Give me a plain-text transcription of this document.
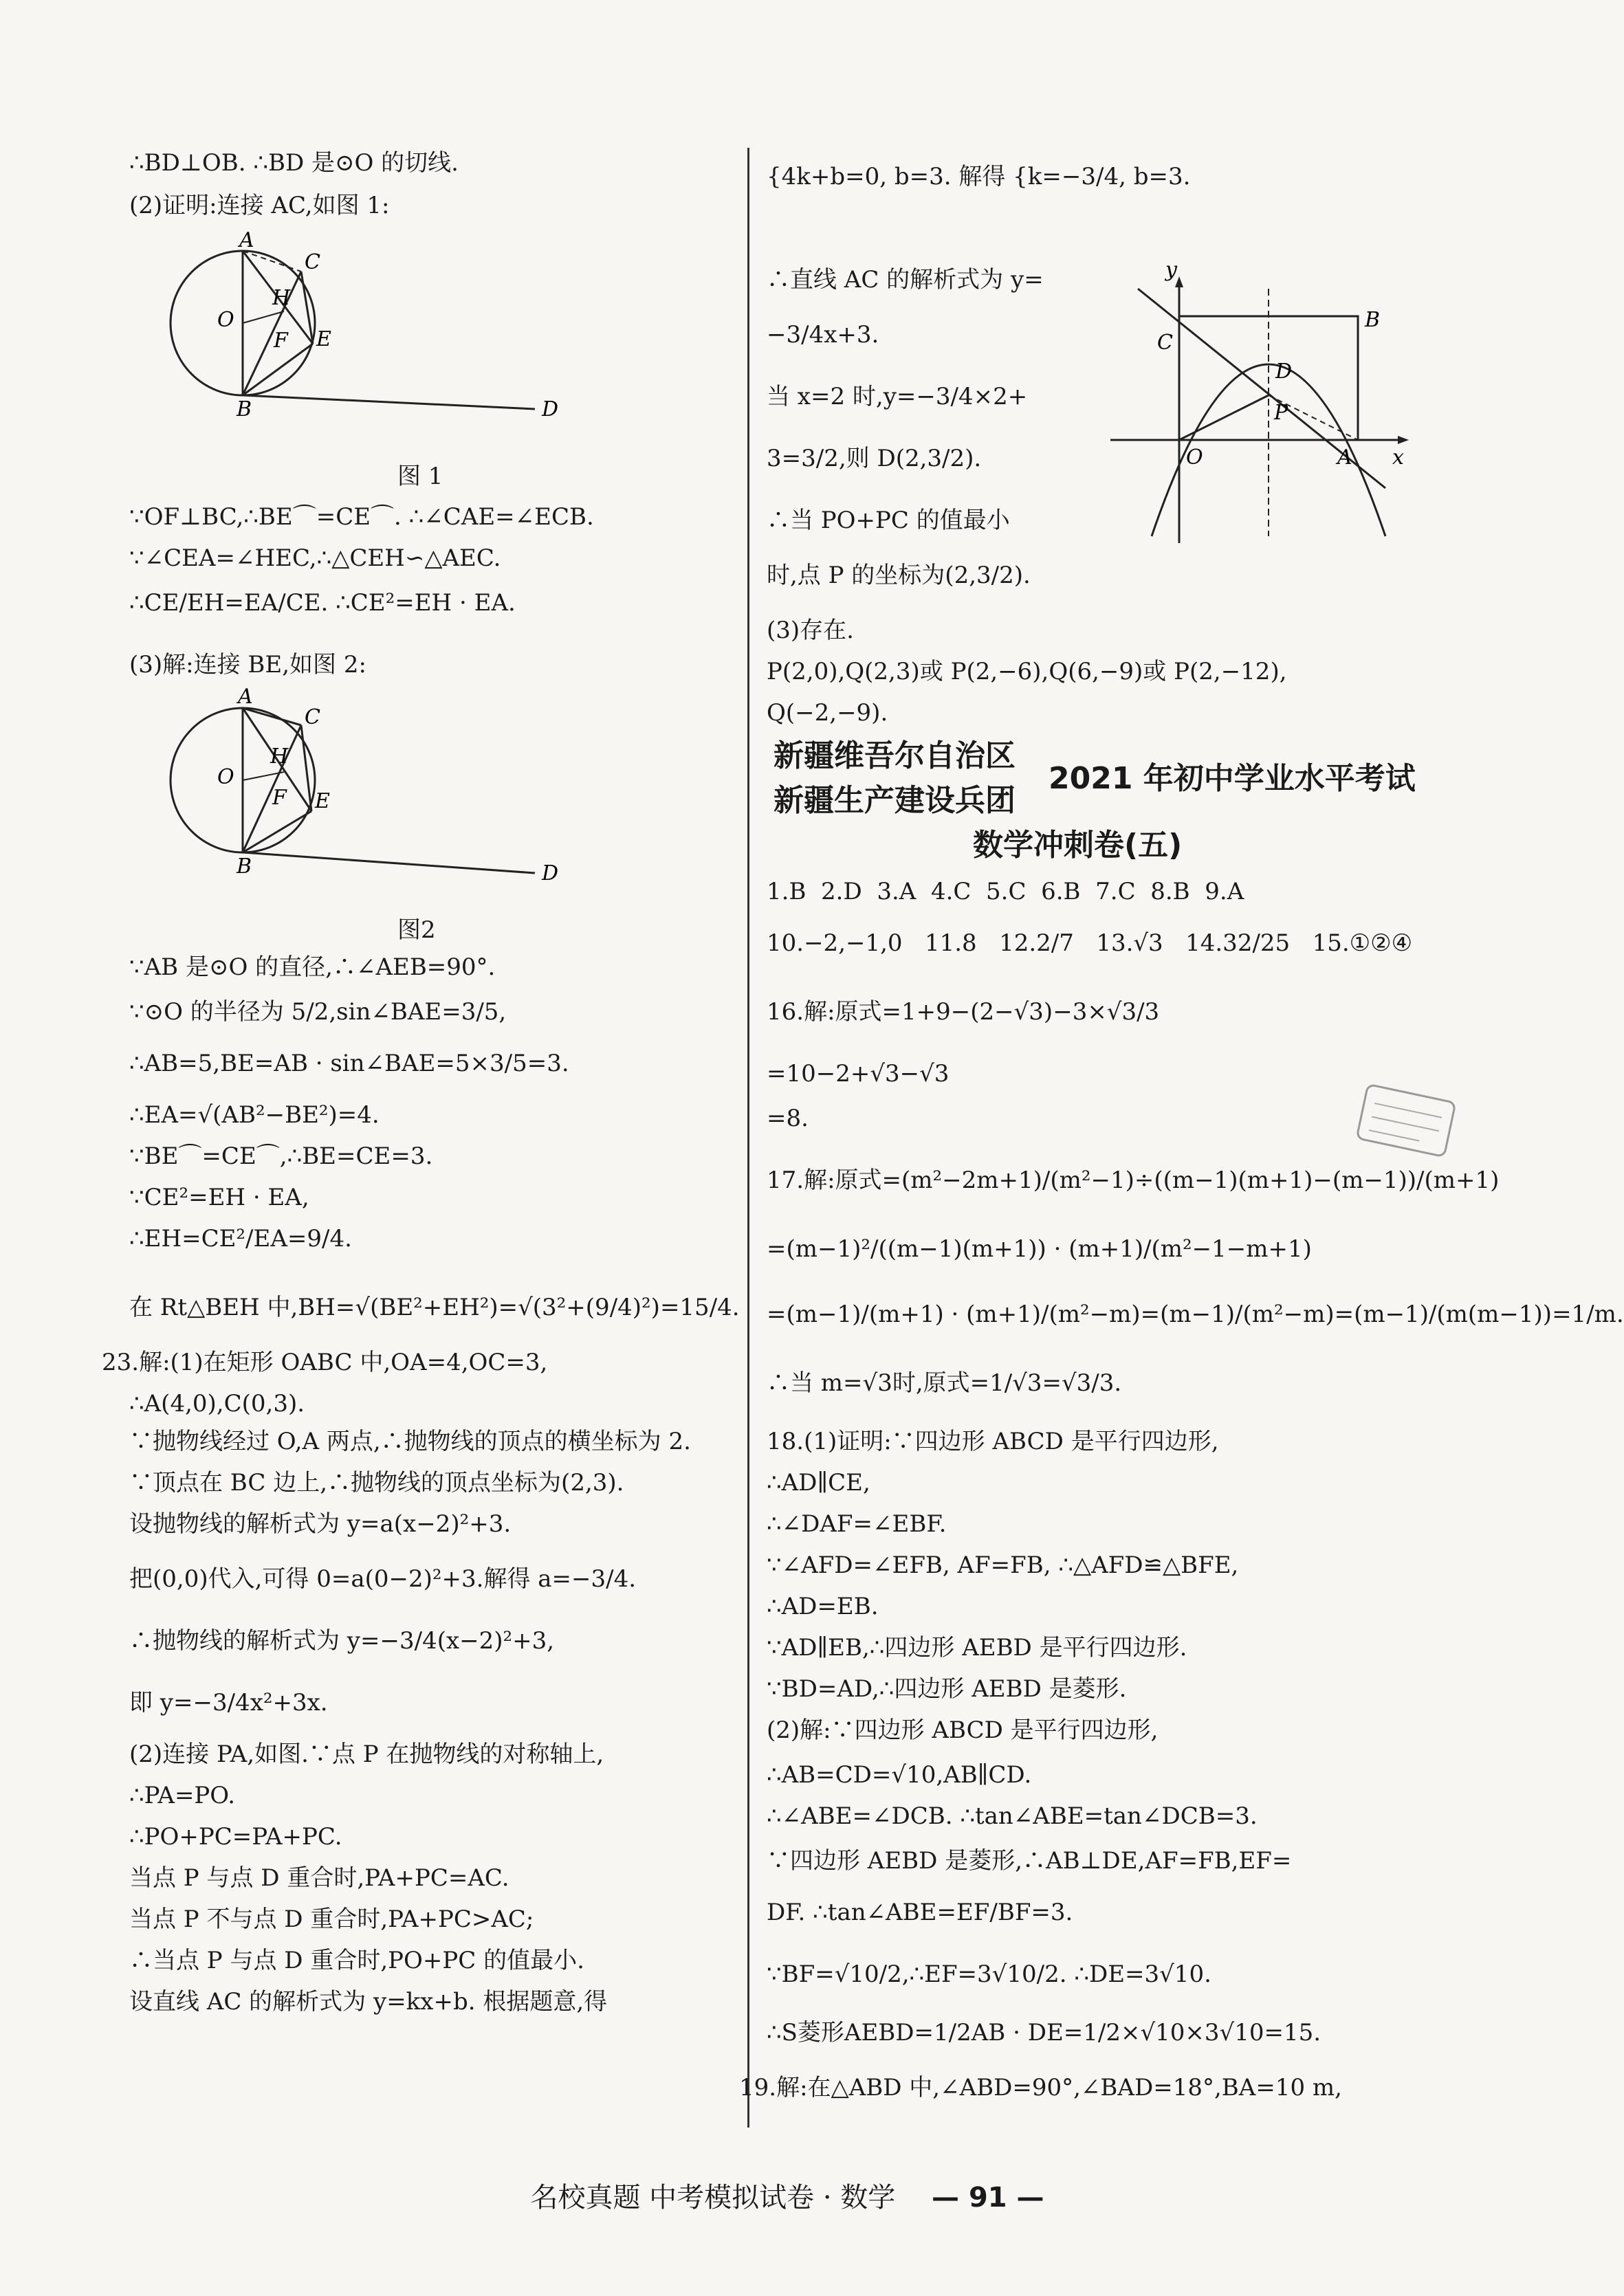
∴BD⊥OB. ∴BD 是⊙O 的切线.
(2)证明:连接 AC,如图 1:
A
C
H
O
E
F
B	D
图 1
∵OF⊥BC,∴BE⌒=CE⌒. ∴∠CAE=∠ECB.
∵∠CEA=∠HEC,∴△CEH∽△AEC.
∴CE/EH=EA/CE. ∴CE²=EH · EA.
(3)解:连接 BE,如图 2:
A
C
H
O
E
F
B	D
图2
∵AB 是⊙O 的直径,∴∠AEB=90°.
∵⊙O 的半径为 5/2,sin∠BAE=3/5,
∴AB=5,BE=AB · sin∠BAE=5×3/5=3.
∴EA=√(AB²−BE²)=4.
∵BE⌒=CE⌒,∴BE=CE=3.
∵CE²=EH · EA,
∴EH=CE²/EA=9/4.
在 Rt△BEH 中,BH=√(BE²+EH²)=√(3²+(9/4)²)=15/4.
23.解:(1)在矩形 OABC 中,OA=4,OC=3,
∴A(4,0),C(0,3).
∵抛物线经过 O,A 两点,∴抛物线的顶点的横坐标为 2.
∵顶点在 BC 边上,∴抛物线的顶点坐标为(2,3).
设抛物线的解析式为 y=a(x−2)²+3.
把(0,0)代入,可得 0=a(0−2)²+3.解得 a=−3/4.
∴抛物线的解析式为 y=−3/4(x−2)²+3,
即 y=−3/4x²+3x.
(2)连接 PA,如图.∵点 P 在抛物线的对称轴上,
∴PA=PO.
∴PO+PC=PA+PC.
当点 P 与点 D 重合时,PA+PC=AC.
当点 P 不与点 D 重合时,PA+PC>AC;
∴当点 P 与点 D 重合时,PO+PC 的值最小.
设直线 AC 的解析式为 y=kx+b. 根据题意,得
{4k+b=0, b=3. 解得 {k=−3/4, b=3.
∴直线 AC 的解析式为 y=
−3/4x+3.
当 x=2 时,y=−3/4×2+
3=3/2,则 D(2,3/2).
∴当 PO+PC 的值最小
时,点 P 的坐标为(2,3/2).
(3)存在.
P(2,0),Q(2,3)或 P(2,−6),Q(6,−9)或 P(2,−12),
Q(−2,−9).
y
x
C
B
D
P
O	A
新疆维吾尔自治区
新疆生产建设兵团
2021 年初中学业水平考试
数学冲刺卷(五)
1.B  2.D  3.A  4.C  5.C  6.B  7.C  8.B  9.A
10.−2,−1,0   11.8   12.2/7   13.√3   14.32/25   15.①②④
16.解:原式=1+9−(2−√3)−3×√3/3
=10−2+√3−√3
=8.
17.解:原式=(m²−2m+1)/(m²−1)÷((m−1)(m+1)−(m−1))/(m+1)
=(m−1)²/((m−1)(m+1)) · (m+1)/(m²−1−m+1)
=(m−1)/(m+1) · (m+1)/(m²−m)=(m−1)/(m²−m)=(m−1)/(m(m−1))=1/m.
∴当 m=√3时,原式=1/√3=√3/3.
18.(1)证明:∵四边形 ABCD 是平行四边形,
∴AD∥CE,
∴∠DAF=∠EBF.
∵∠AFD=∠EFB, AF=FB, ∴△AFD≌△BFE,
∴AD=EB.
∵AD∥EB,∴四边形 AEBD 是平行四边形.
∵BD=AD,∴四边形 AEBD 是菱形.
(2)解:∵四边形 ABCD 是平行四边形,
∴AB=CD=√10,AB∥CD.
∴∠ABE=∠DCB. ∴tan∠ABE=tan∠DCB=3.
∵四边形 AEBD 是菱形,∴AB⊥DE,AF=FB,EF=
DF. ∴tan∠ABE=EF/BF=3.
∵BF=√10/2,∴EF=3√10/2. ∴DE=3√10.
∴S菱形AEBD=1/2AB · DE=1/2×√10×3√10=15.
19.解:在△ABD 中,∠ABD=90°,∠BAD=18°,BA=10 m,
名校真题 中考模拟试卷 · 数学 — 91 —
